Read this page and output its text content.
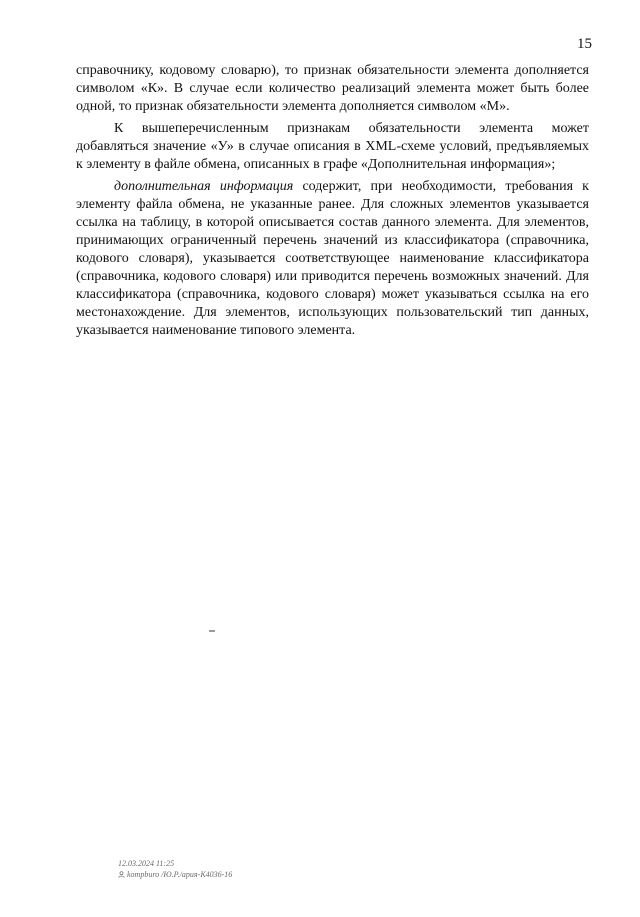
15

справочнику, кодовому словарю), то признак обязательности элемента дополняется символом «К». В случае если количество реализаций элемента может быть более одной, то признак обязательности элемента дополняется символом «М».

К вышеперечисленным признакам обязательности элемента может добавляться значение «У» в случае описания в XML-схеме условий, предъявляемых к элементу в файле обмена, описанных в графе «Дополнительная информация»;

дополнительная информация содержит, при необходимости, требования к элементу файла обмена, не указанные ранее. Для сложных элементов указывается ссылка на таблицу, в которой описывается состав данного элемента. Для элементов, принимающих ограниченный перечень значений из классификатора (справочника, кодового словаря), указывается соответствующее наименование классификатора (справочника, кодового словаря) или приводится перечень возможных значений. Для классификатора (справочника, кодового словаря) может указываться ссылка на его местонахождение. Для элементов, использующих пользовательский тип данных, указывается наименование типового элемента.

12.03.2024 11:25
kompburo /Ю.Р./ария-К4036-16
